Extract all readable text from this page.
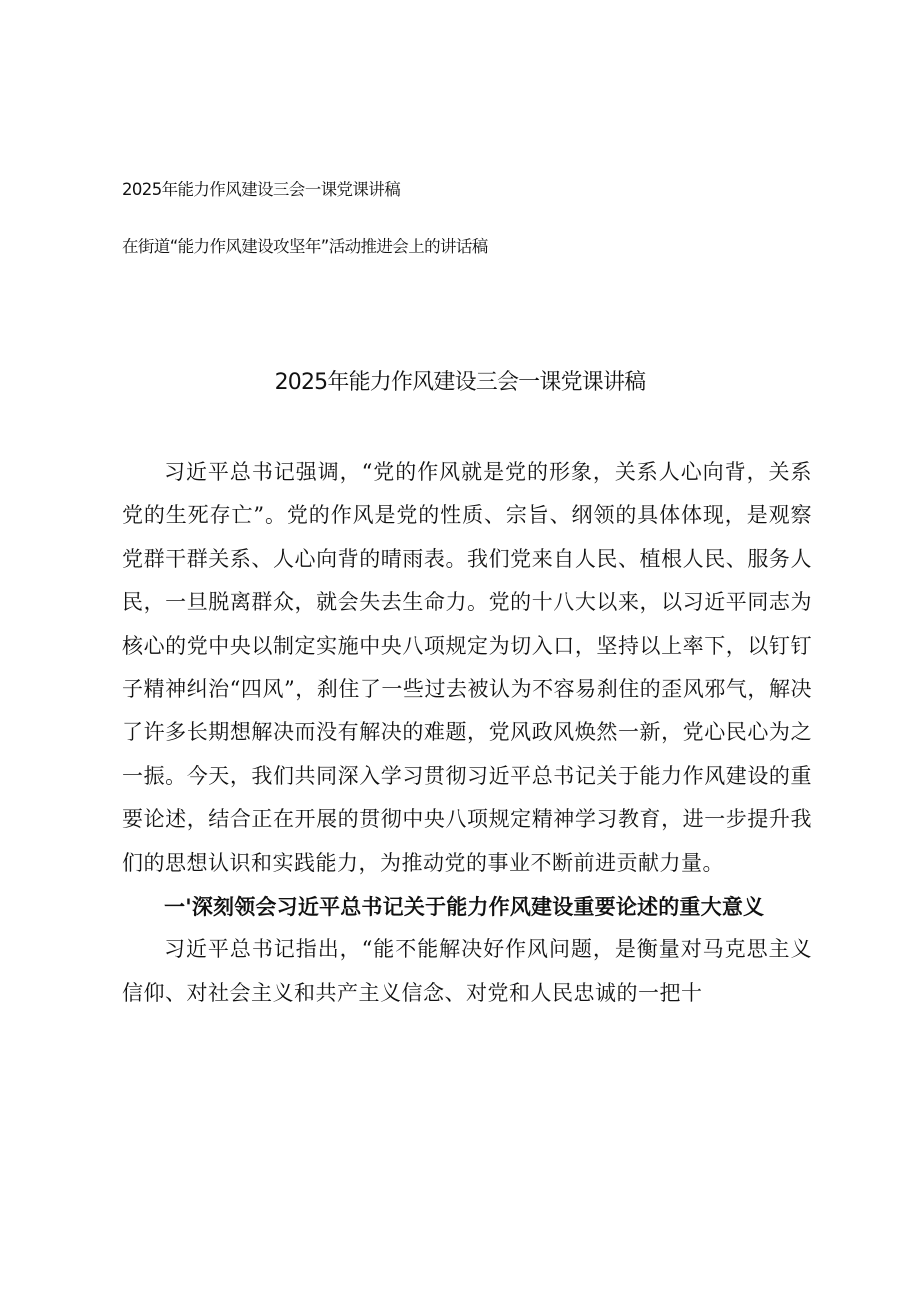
2025年能力作风建设三会一课党课讲稿

在街道“能力作风建设攻坚年”活动推进会上的讲话稿

2025年能力作风建设三会一课党课讲稿

习近平总书记强调，“党的作风就是党的形象，关系人心向背，关系党的生死存亡”。党的作风是党的性质、宗旨、纲领的具体体现，是观察党群干群关系、人心向背的晴雨表。我们党来自人民、植根人民、服务人民，一旦脱离群众，就会失去生命力。党的十八大以来，以习近平同志为核心的党中央以制定实施中央八项规定为切入口，坚持以上率下，以钉钉子精神纠治“四风”，刹住了一些过去被认为不容易刹住的歪风邪气，解决了许多长期想解决而没有解决的难题，党风政风焕然一新，党心民心为之一振。今天，我们共同深入学习贯彻习近平总书记关于能力作风建设的重要论述，结合正在开展的贯彻中央八项规定精神学习教育，进一步提升我们的思想认识和实践能力，为推动党的事业不断前进贡献力量。

一'深刻领会习近平总书记关于能力作风建设重要论述的重大意义

习近平总书记指出，“能不能解决好作风问题，是衡量对马克思主义信仰、对社会主义和共产主义信念、对党和人民忠诚的一把十
